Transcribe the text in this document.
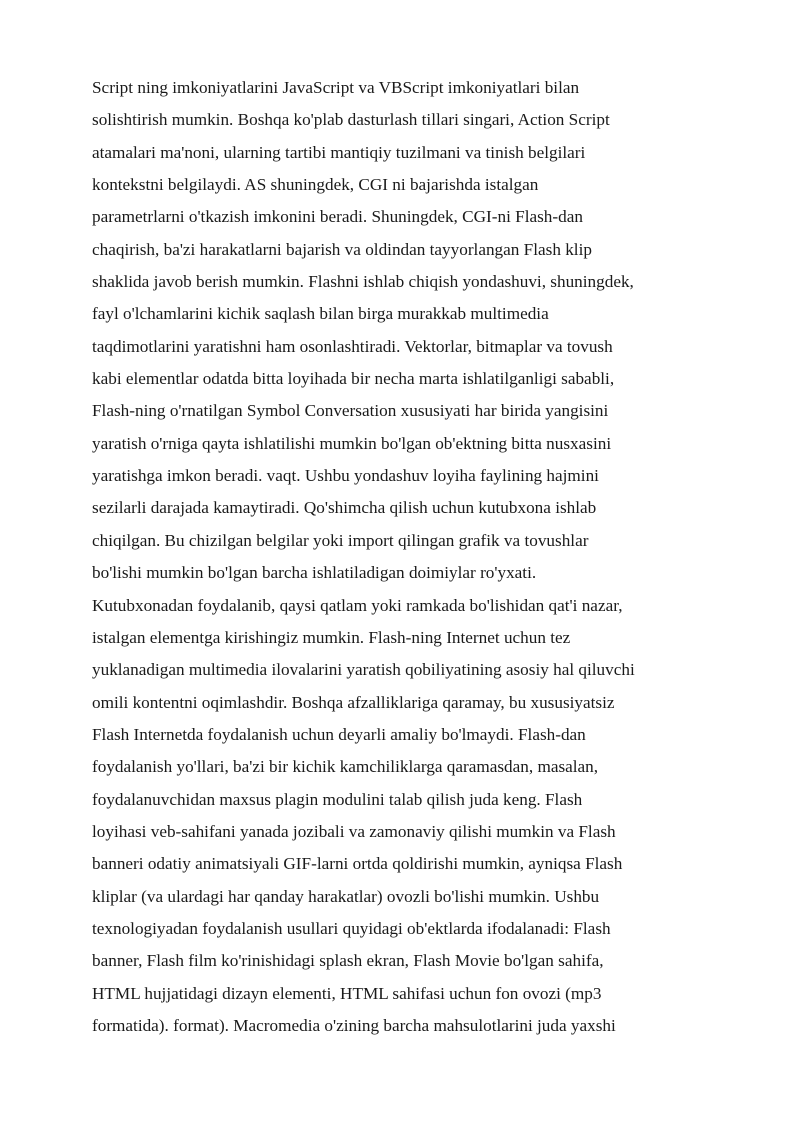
Script ning imkoniyatlarini JavaScript va VBScript imkoniyatlari bilan

solishtirish mumkin. Boshqa ko'plab dasturlash tillari singari, Action Script

atamalari ma'noni, ularning tartibi mantiqiy tuzilmani va tinish belgilari

kontekstni belgilaydi. AS shuningdek, CGI ni bajarishda istalgan

parametrlarni o'tkazish imkonini beradi. Shuningdek, CGI-ni Flash-dan

chaqirish, ba'zi harakatlarni bajarish va oldindan tayyorlangan Flash klip

shaklida javob berish mumkin. Flashni ishlab chiqish yondashuvi, shuningdek,

fayl o'lchamlarini kichik saqlash bilan birga murakkab multimedia

taqdimotlarini yaratishni ham osonlashtiradi. Vektorlar, bitmaplar va tovush

kabi elementlar odatda bitta loyihada bir necha marta ishlatilganligi sababli,

Flash-ning o'rnatilgan Symbol Conversation xususiyati har birida yangisini

yaratish o'rniga qayta ishlatilishi mumkin bo'lgan ob'ektning bitta nusxasini

yaratishga imkon beradi. vaqt. Ushbu yondashuv loyiha faylining hajmini

sezilarli darajada kamaytiradi. Qo'shimcha qilish uchun kutubxona ishlab

chiqilgan. Bu chizilgan belgilar yoki import qilingan grafik va tovushlar

bo'lishi mumkin bo'lgan barcha ishlatiladigan doimiylar ro'yxati.

Kutubxonadan foydalanib, qaysi qatlam yoki ramkada bo'lishidan qat'i nazar,

istalgan elementga kirishingiz mumkin. Flash-ning Internet uchun tez

yuklanadigan multimedia ilovalarini yaratish qobiliyatining asosiy hal qiluvchi

omili kontentni oqimlashdir. Boshqa afzalliklariga qaramay, bu xususiyatsiz

Flash Internetda foydalanish uchun deyarli amaliy bo'lmaydi. Flash-dan

foydalanish yo'llari, ba'zi bir kichik kamchiliklarga qaramasdan, masalan,

foydalanuvchidan maxsus plagin modulini talab qilish juda keng. Flash

loyihasi veb-sahifani yanada jozibali va zamonaviy qilishi mumkin va Flash

banneri odatiy animatsiyali GIF-larni ortda qoldirishi mumkin, ayniqsa Flash

kliplar (va ulardagi har qanday harakatlar) ovozli bo'lishi mumkin. Ushbu

texnologiyadan foydalanish usullari quyidagi ob'ektlarda ifodalanadi: Flash

banner, Flash film ko'rinishidagi splash ekran, Flash Movie bo'lgan sahifa,

HTML hujjatidagi dizayn elementi, HTML sahifasi uchun fon ovozi (mp3

formatida). format). Macromedia o'zining barcha mahsulotlarini juda yaxshi
